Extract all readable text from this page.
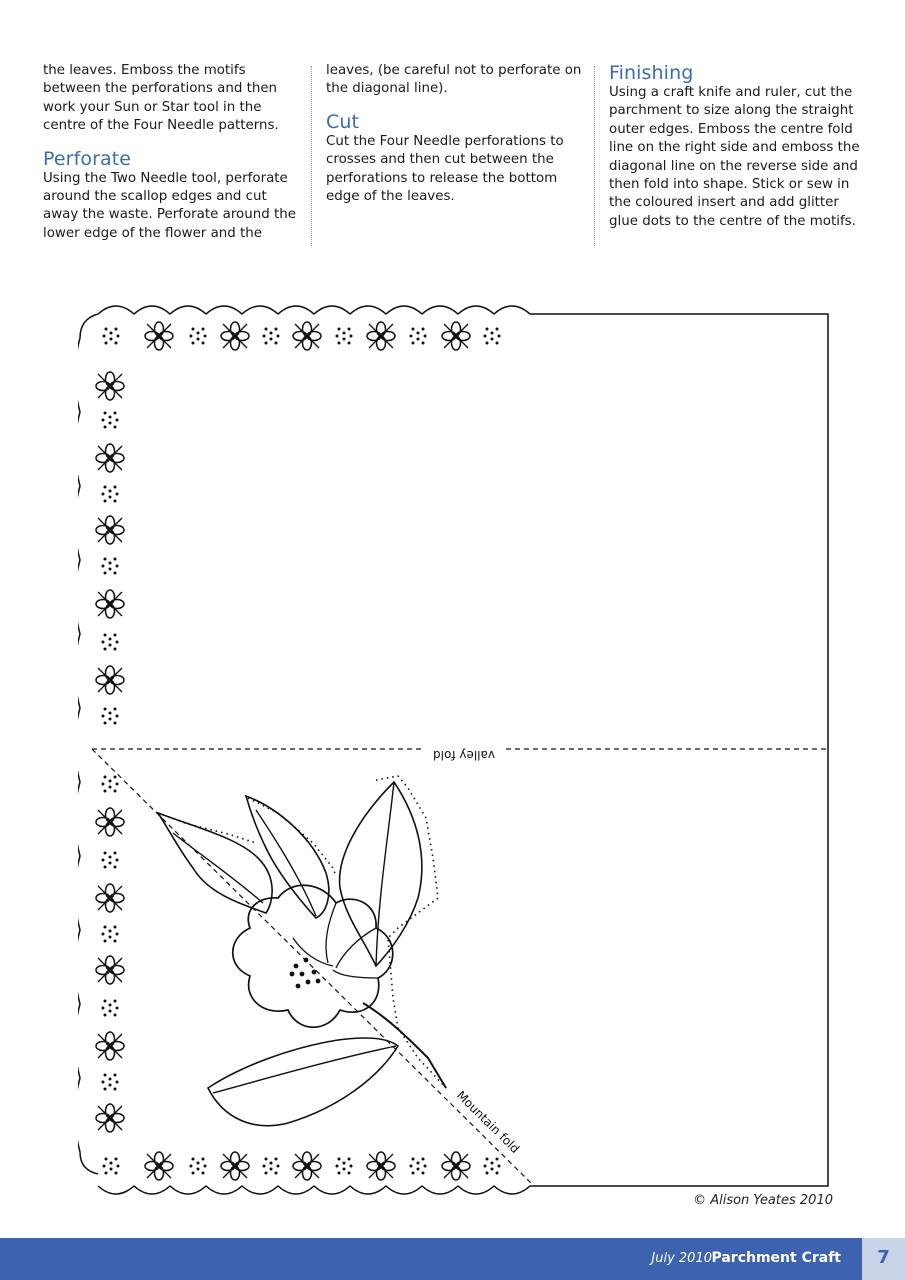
the leaves. Emboss the motifs between the perforations and then work your Sun or Star tool in the centre of the Four Needle patterns.

Perforate

Using the Two Needle tool, perforate around the scallop edges and cut away the waste. Perforate around the lower edge of the flower and the

leaves, (be careful not to perforate on the diagonal line).

Cut

Cut the Four Needle perforations to crosses and then cut between the perforations to release the bottom edge of the leaves.

Finishing

Using a craft knife and ruler, cut the parchment to size along the straight outer edges. Emboss the centre fold line on the right side and emboss the diagonal line on the reverse side and then fold into shape. Stick or sew in the coloured insert and add glitter glue dots to the centre of the motifs.

valley fold
Mountain fold
© Alison Yeates 2010
July 2010 Parchment Craft	7
